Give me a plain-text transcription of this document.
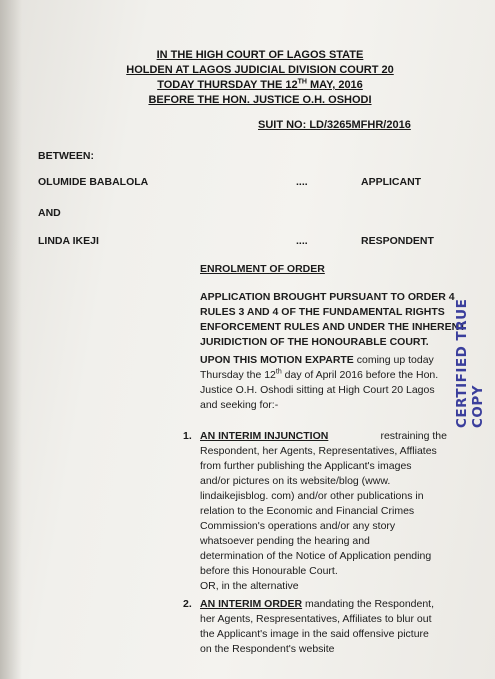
IN THE HIGH COURT OF LAGOS STATE
HOLDEN AT LAGOS JUDICIAL DIVISION COURT 20
TODAY THURSDAY THE 12TH MAY, 2016
BEFORE THE HON. JUSTICE O.H. OSHODI
SUIT NO: LD/3265MFHR/2016
BETWEEN:
OLUMIDE BABALOLA	....	APPLICANT
AND
LINDA IKEJI	....	RESPONDENT
ENROLMENT OF ORDER
APPLICATION BROUGHT PURSUANT TO ORDER 4
RULES 3 AND 4 OF THE FUNDAMENTAL RIGHTS
ENFORCEMENT RULES AND UNDER THE INHERENT
JURIDICTION OF THE HONOURABLE COURT.
UPON THIS MOTION EXPARTE coming up today
Thursday the 12th day of April 2016 before the Hon.
Justice O.H. Oshodi sitting at High Court 20 Lagos
and seeking for:-
1. AN INTERIM INJUNCTION	restraining the
Respondent, her Agents, Representatives, Affliates
from further publishing the Applicant's images
and/or pictures on its website/blog (www.
lindaikejisblog. com) and/or other publications in
relation to the Economic and Financial Crimes
Commission's operations and/or any story
whatsoever pending the hearing and
determination of the Notice of Application pending
before this Honourable Court.
OR, in the alternative
2. AN INTERIM ORDER mandating the Respondent,
her Agents, Respresentatives, Affiliates to blur out
the Applicant's image in the said offensive picture
on the Respondent's website
CERTIFIED TRUE COPY
